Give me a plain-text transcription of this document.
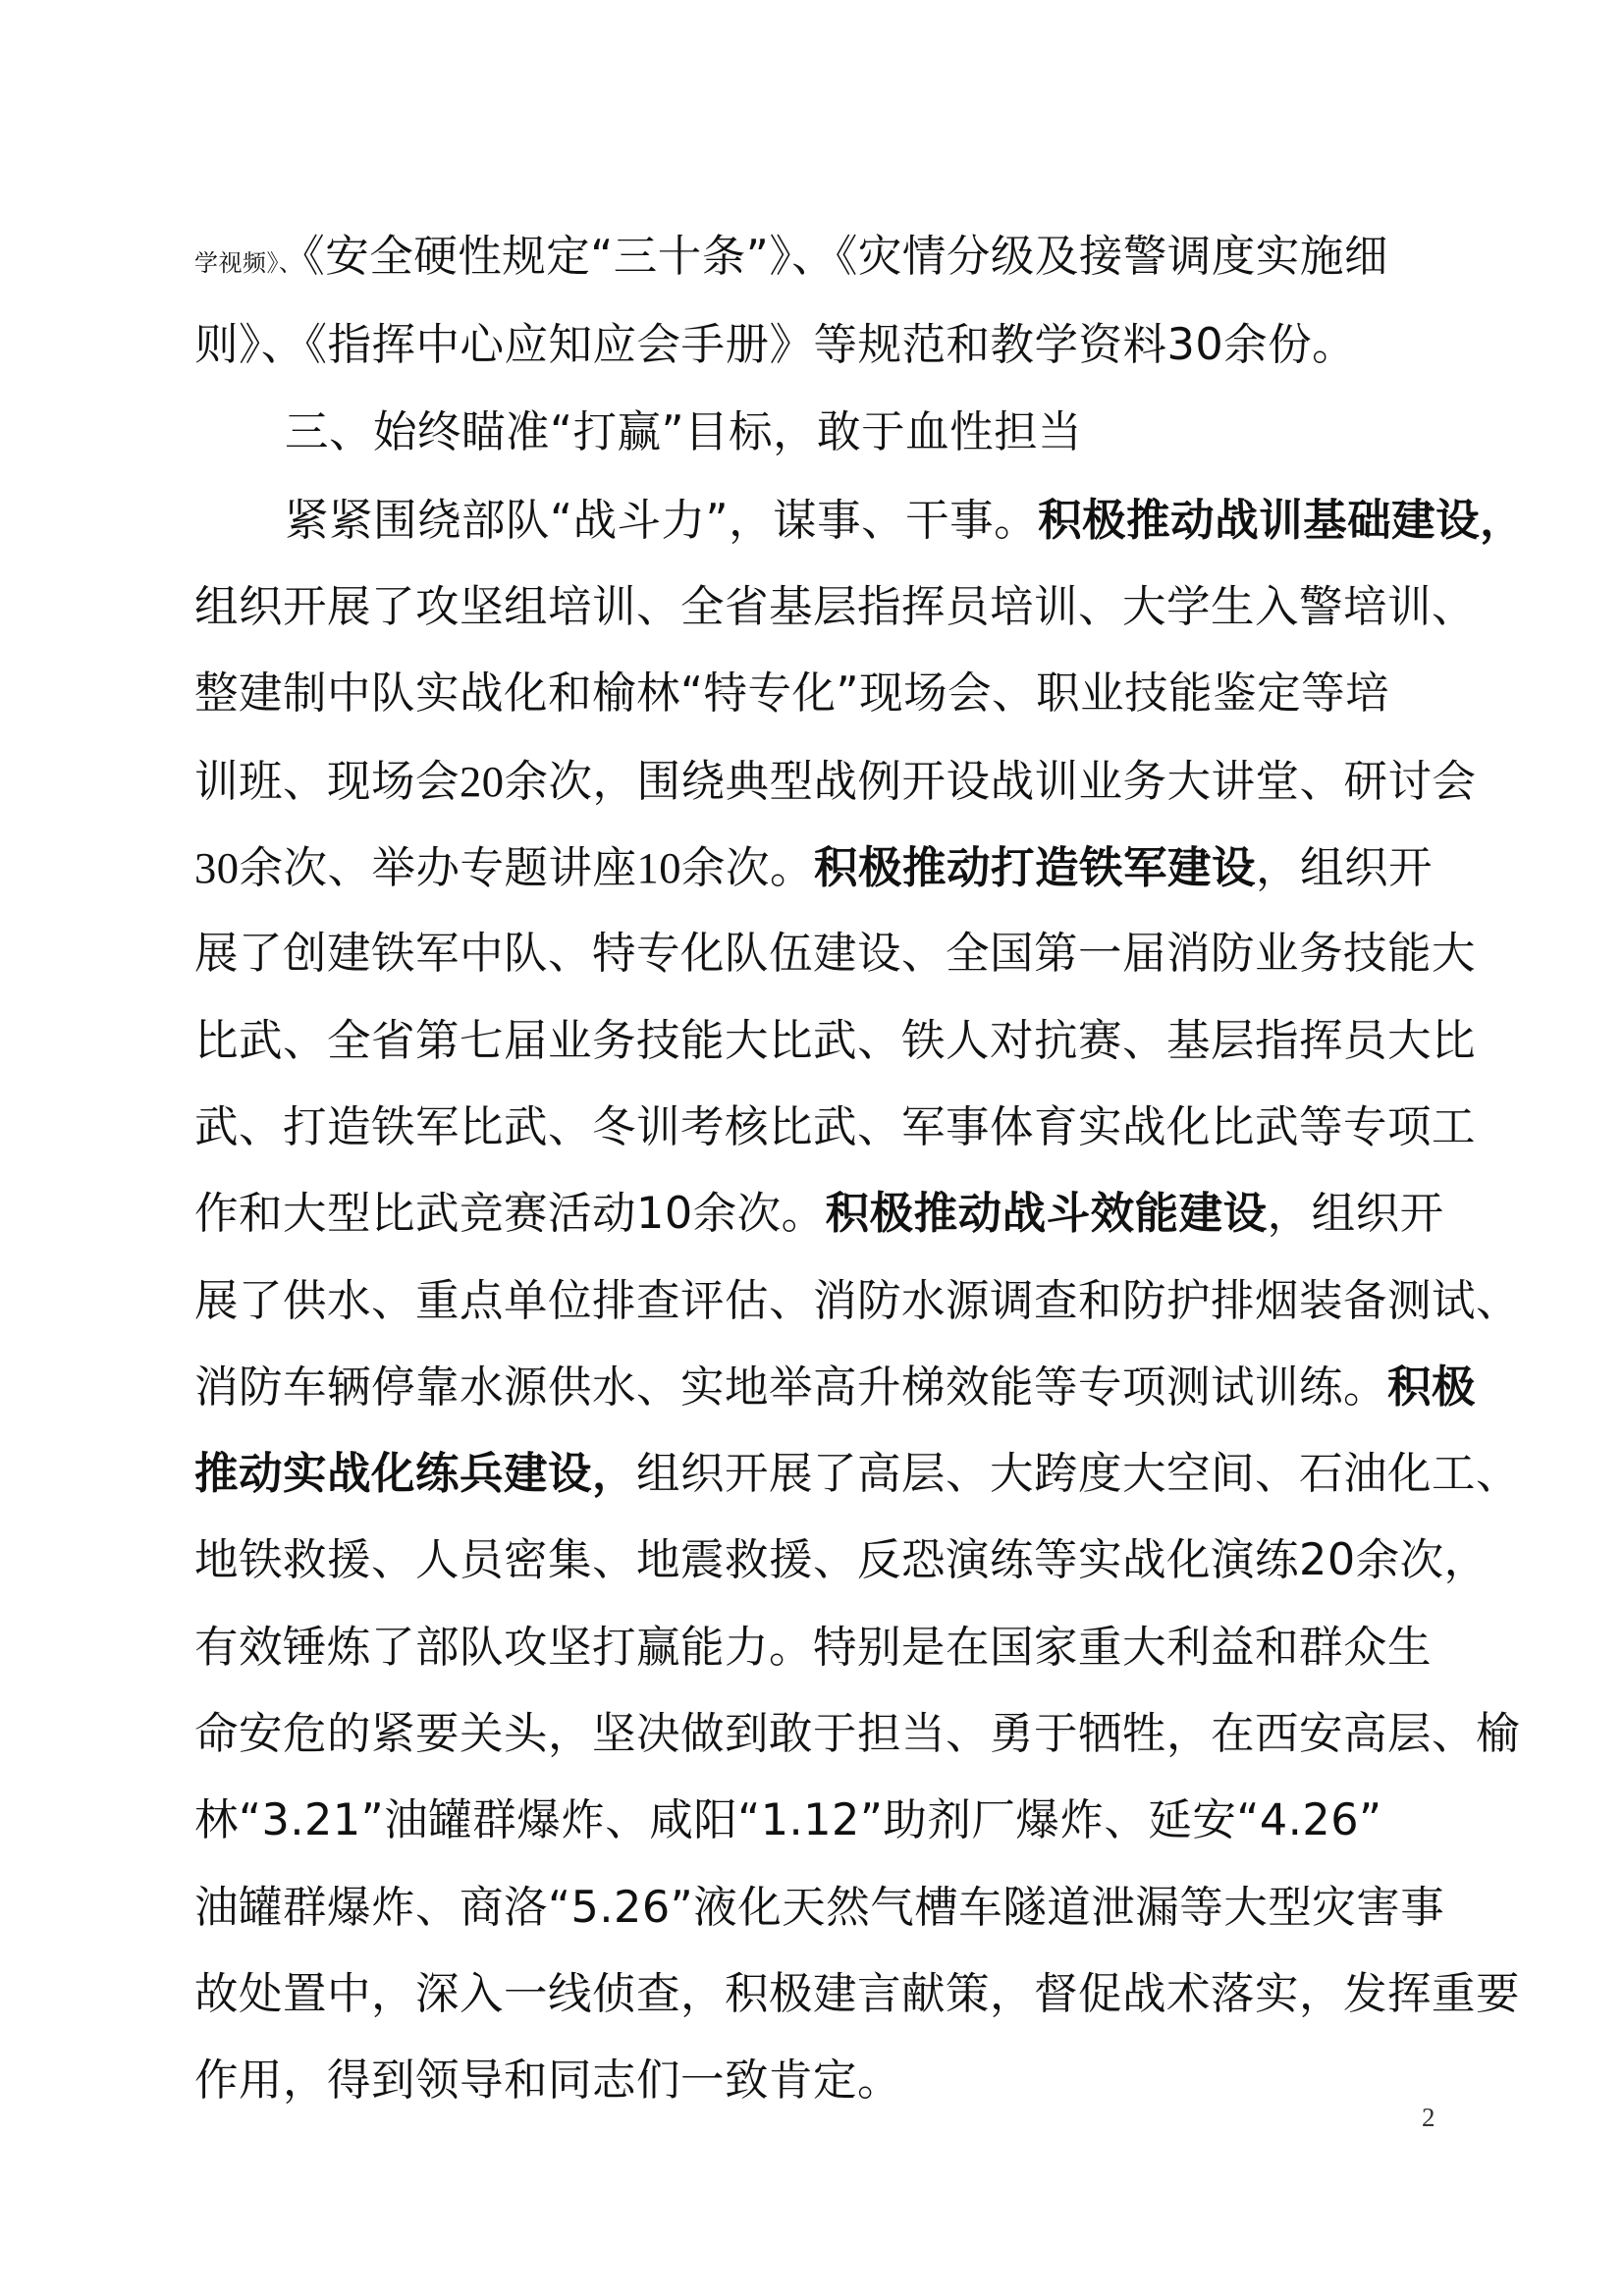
学视频》、《安全硬性规定“三十条”》、《灾情分级及接警调度实施细
则》、《指挥中心应知应会手册》等规范和教学资料30余份。
三、始终瞄准“打赢”目标，敢于血性担当
紧紧围绕部队“战斗力”，谋事、干事。积极推动战训基础建设，
组织开展了攻坚组培训、全省基层指挥员培训、大学生入警培训、
整建制中队实战化和榆林“特专化”现场会、职业技能鉴定等培
训班、现场会20余次，围绕典型战例开设战训业务大讲堂、研讨会
30余次、举办专题讲座10余次。积极推动打造铁军建设，组织开
展了创建铁军中队、特专化队伍建设、全国第一届消防业务技能大
比武、全省第七届业务技能大比武、铁人对抗赛、基层指挥员大比
武、打造铁军比武、冬训考核比武、军事体育实战化比武等专项工
作和大型比武竞赛活动10余次。积极推动战斗效能建设，组织开
展了供水、重点单位排查评估、消防水源调查和防护排烟装备测试、
消防车辆停靠水源供水、实地举高升梯效能等专项测试训练。积极
推动实战化练兵建设，组织开展了高层、大跨度大空间、石油化工、
地铁救援、人员密集、地震救援、反恐演练等实战化演练20余次，
有效锤炼了部队攻坚打赢能力。特别是在国家重大利益和群众生
命安危的紧要关头，坚决做到敢于担当、勇于牺牲，在西安高层、榆
林“3.21”油罐群爆炸、咸阳“1.12”助剂厂爆炸、延安“4.26”
油罐群爆炸、商洛“5.26”液化天然气槽车隧道泄漏等大型灾害事
故处置中，深入一线侦查，积极建言献策，督促战术落实，发挥重要
作用，得到领导和同志们一致肯定。
2
